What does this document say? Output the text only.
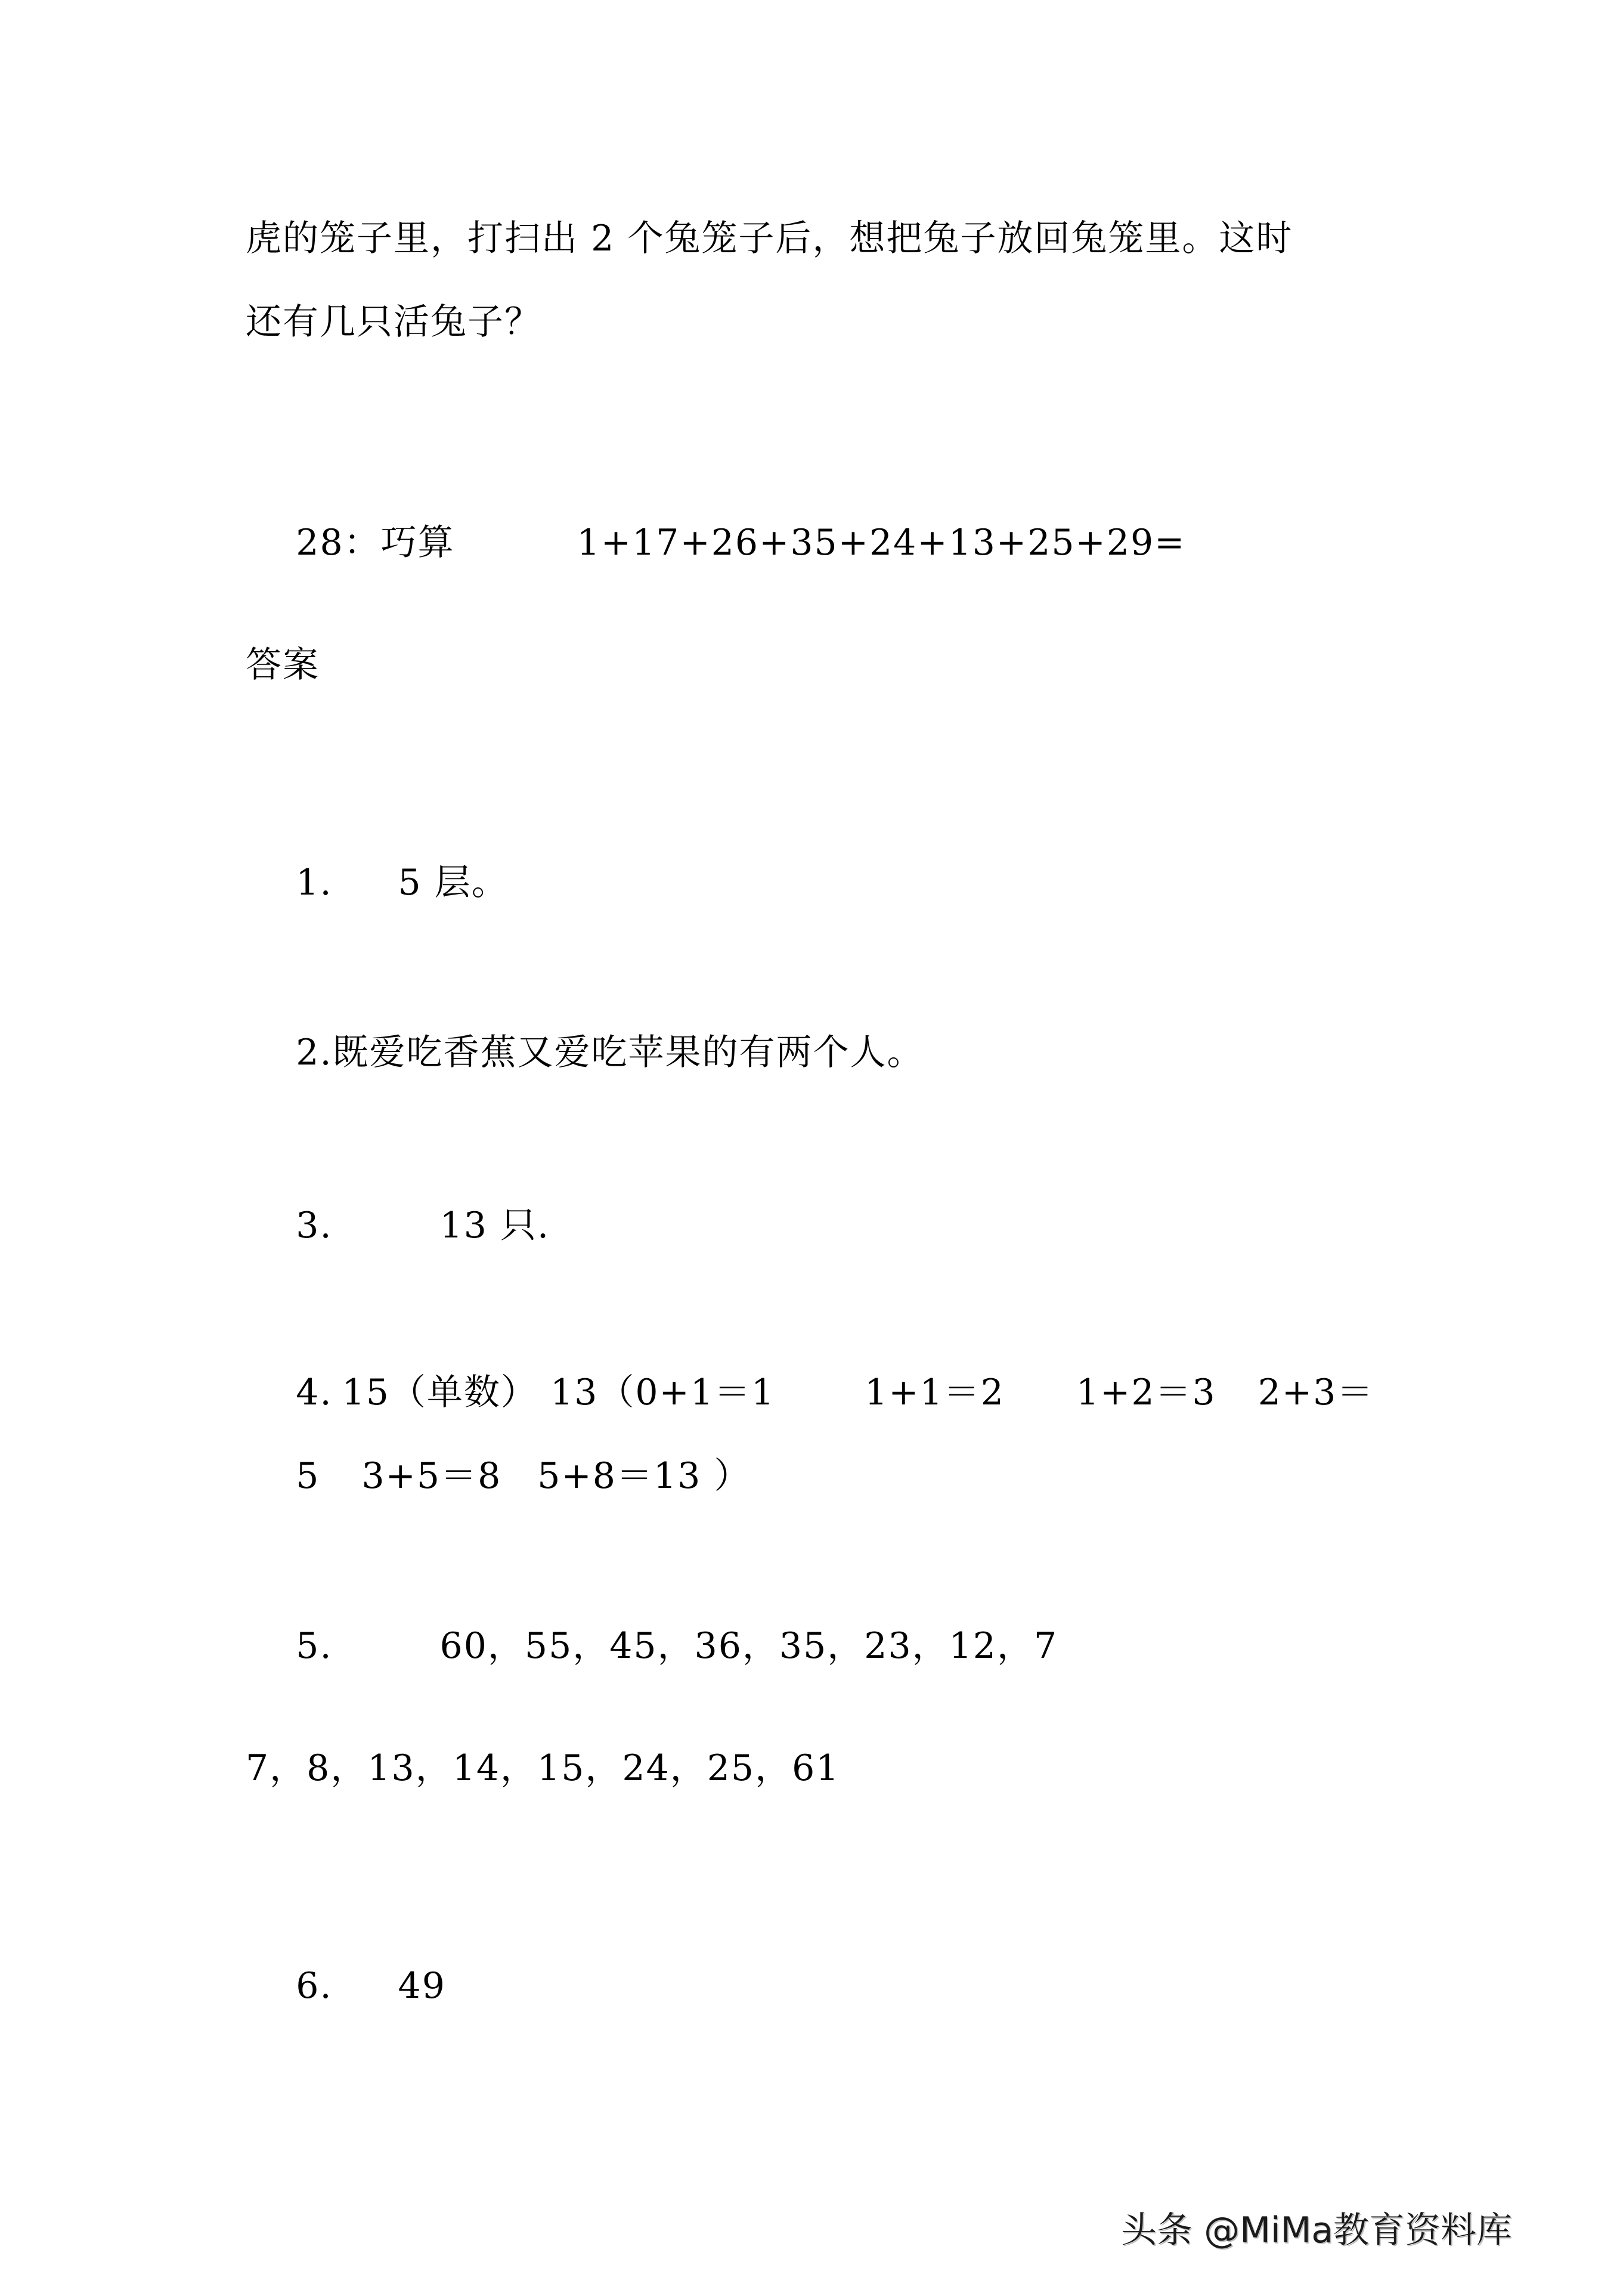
虎的笼子里，打扫出 2 个兔笼子后，想把兔子放回兔笼里。这时
还有几只活兔子？

28：巧算	1+17+26+35+24+13+25+29=

答案

1. 5 层。

2.既爱吃香蕉又爱吃苹果的有两个人。

3.	13 只.

4. 15（单数） 13（0+1＝1	1+1＝2 1+2＝3 2+3＝

5 3+5＝8 5+8＝13 ）

5.	60，55，45，36，35，23，12，7

7，8，13，14，15，24，25，61

6. 49

头条 @MiMa教育资料库
